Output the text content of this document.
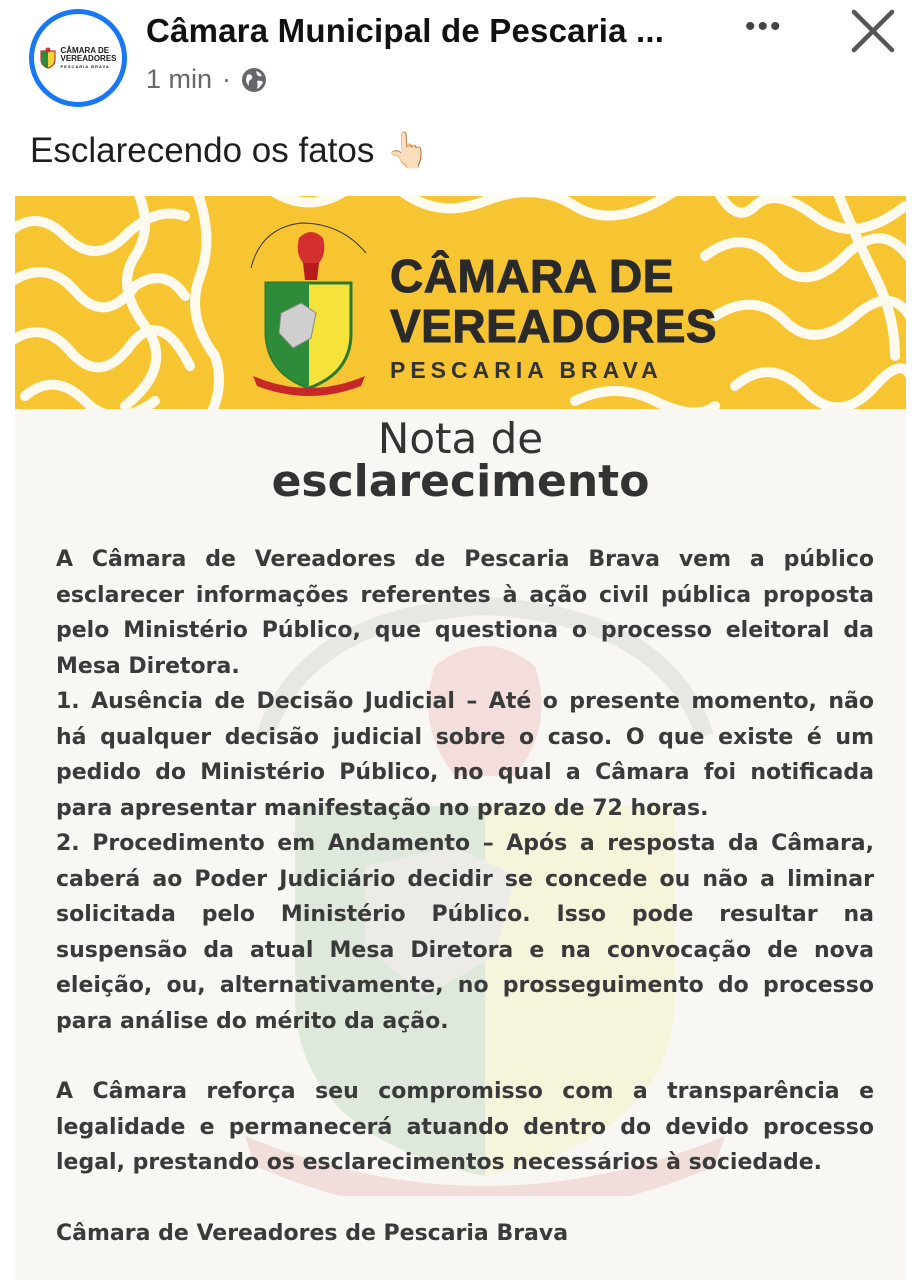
CÂMARA DE
VEREADORES
PESCARIA BRAVA
Câmara Municipal de Pescaria ...
1 min ·
•••
Esclarecendo os fatos 👆🏻
CÂMARA DE
VEREADORES
PESCARIA BRAVA
Nota de
esclarecimento

A Câmara de Vereadores de Pescaria Brava vem a público esclarecer informações referentes à ação civil pública proposta pelo Ministério Público, que questiona o processo eleitoral da Mesa Diretora.

1. Ausência de Decisão Judicial – Até o presente momento, não há qualquer decisão judicial sobre o caso. O que existe é um pedido do Ministério Público, no qual a Câmara foi notificada para apresentar manifestação no prazo de 72 horas.

2. Procedimento em Andamento – Após a resposta da Câmara, caberá ao Poder Judiciário decidir se concede ou não a liminar solicitada pelo Ministério Público. Isso pode resultar na suspensão da atual Mesa Diretora e na convocação de nova eleição, ou, alternativamente, no prosseguimento do processo para análise do mérito da ação.

A Câmara reforça seu compromisso com a transparência e legalidade e permanecerá atuando dentro do devido processo legal, prestando os esclarecimentos necessários à sociedade.

Câmara de Vereadores de Pescaria Brava
